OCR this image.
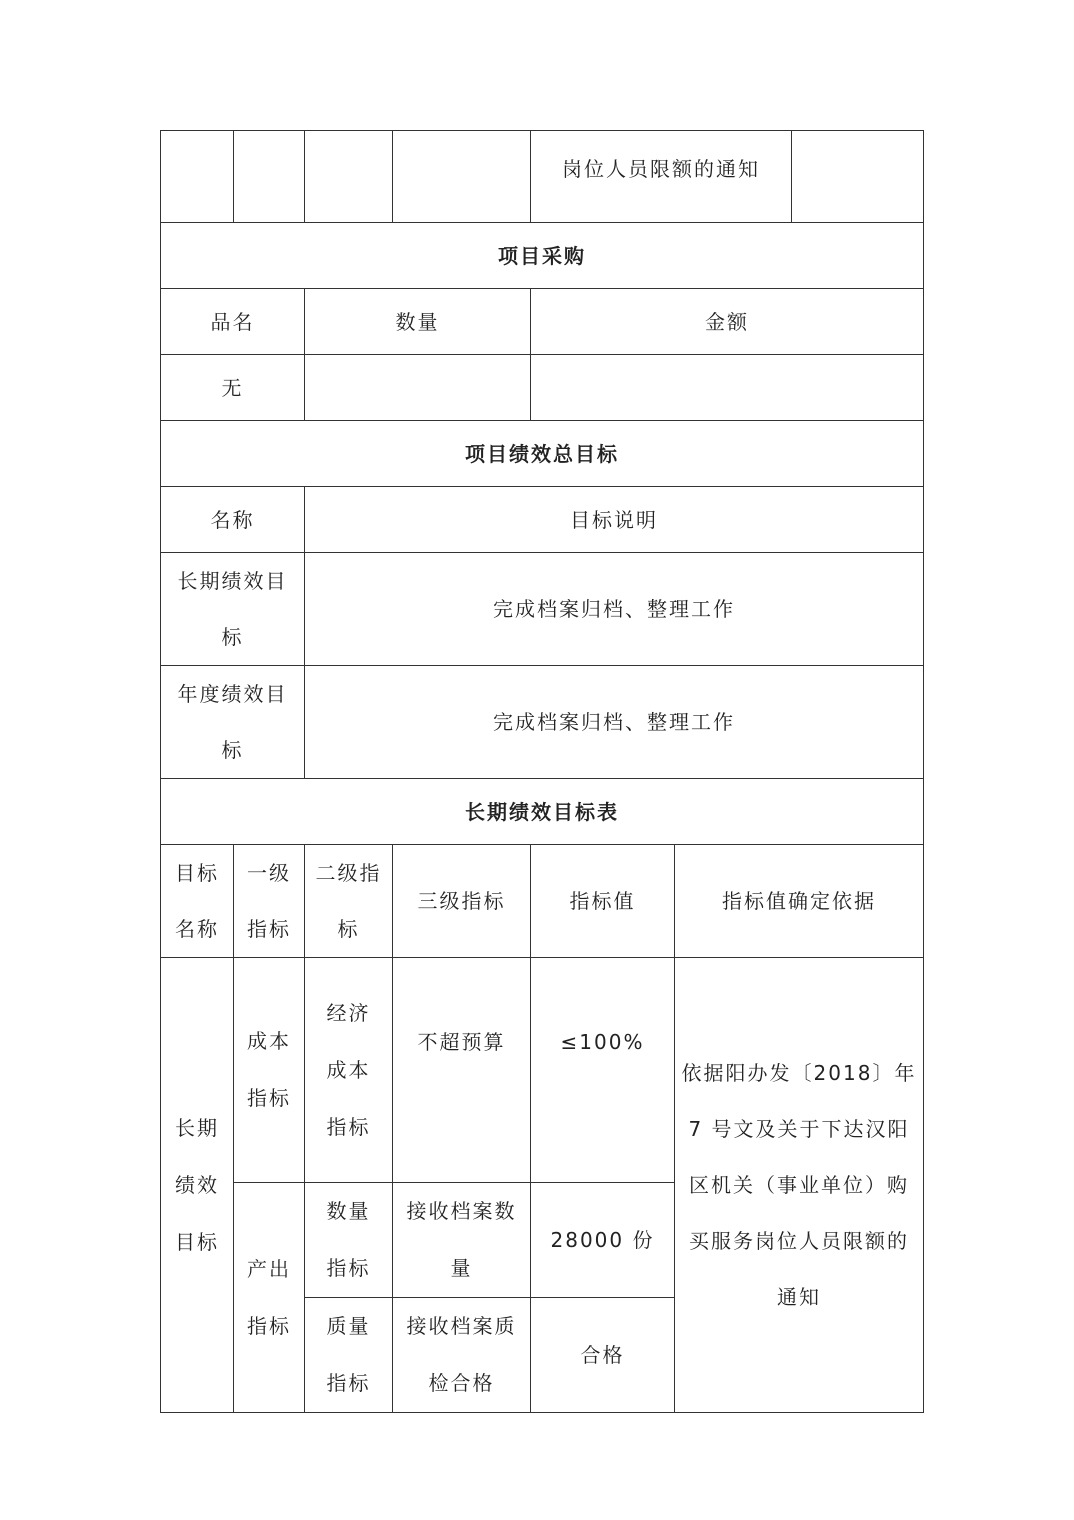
				岗位人员限额的通知		
项目采购						
品名		数量		金额		
无						
项目绩效总目标						
名称		目标说明				
长期绩效目标		完成档案归档、整理工作				
年度绩效目标		完成档案归档、整理工作				
长期绩效目标表						
目标名称	一级指标	二级指标	三级指标	指标值	指标值确定依据	
长期绩效目标	成本指标	经济成本指标	不超预算	≤100%	依据阳办发〔2018〕年 7 号文及关于下达汉阳区机关（事业单位）购买服务岗位人员限额的通知	
	产出指标	数量指标	接收档案数量	28000 份		
		质量指标	接收档案质检合格	合格		
